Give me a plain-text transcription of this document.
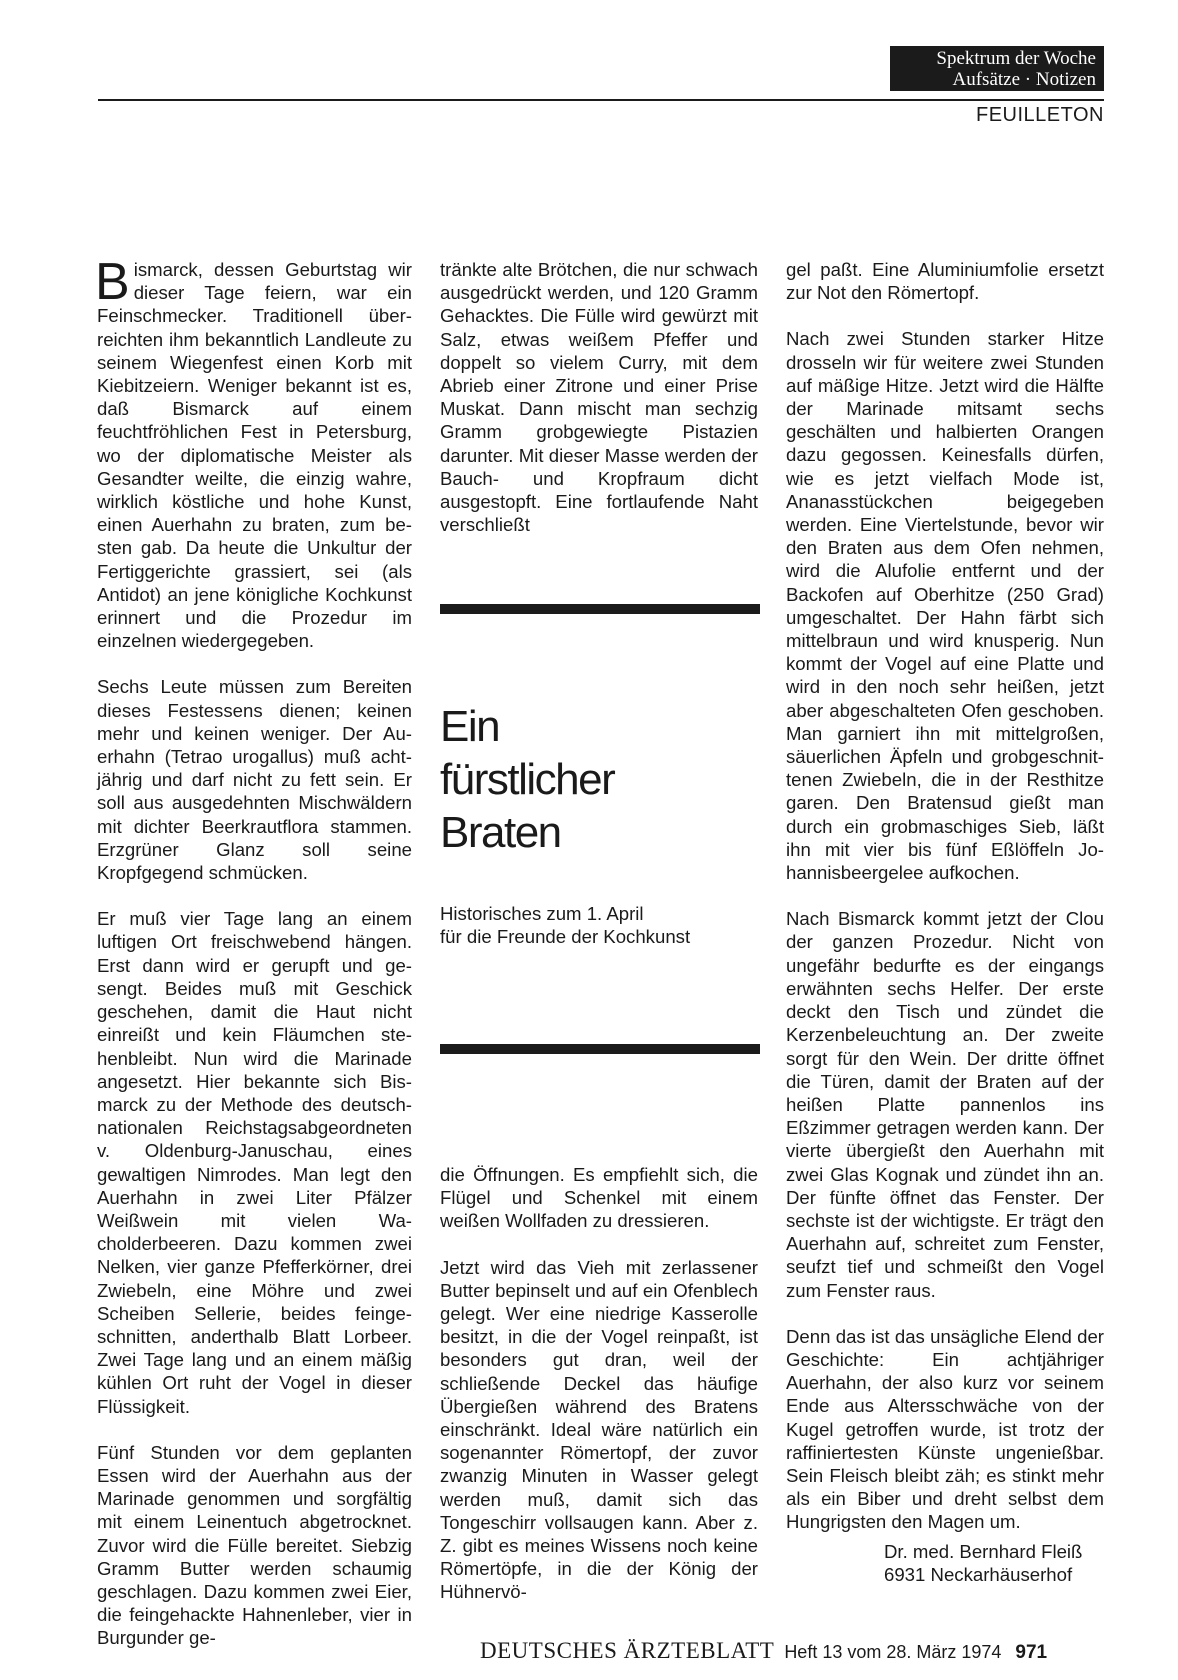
Spektrum der Woche
Aufsätze · Notizen
FEUILLETON

Bismarck, dessen Geburtstag wir dieser Tage feiern, war ein Feinschmecker. Traditionell überreichten ihm bekanntlich Landleute zu seinem Wiegenfest einen Korb mit Kiebitzeiern. Weniger bekannt ist es, daß Bismarck auf einem feuchtfröhlichen Fest in Petersburg, wo der diplomatische Meister als Gesandter weilte, die einzig wahre, wirklich köstliche und hohe Kunst, einen Auerhahn zu braten, zum besten gab. Da heute die Unkultur der Fertiggerichte grassiert, sei (als Antidot) an jene königliche Kochkunst erinnert und die Prozedur im einzelnen wiedergegeben.

Sechs Leute müssen zum Bereiten dieses Festessens dienen; keinen mehr und keinen weniger. Der Auerhahn (Tetrao urogallus) muß achtjährig und darf nicht zu fett sein. Er soll aus ausgedehnten Mischwäldern mit dichter Beerkrautflora stammen. Erzgrüner Glanz soll seine Kropfgegend schmücken.

Er muß vier Tage lang an einem luftigen Ort freischwebend hängen. Erst dann wird er gerupft und gesengt. Beides muß mit Geschick geschehen, damit die Haut nicht einreißt und kein Fläumchen stehenbleibt. Nun wird die Marinade angesetzt. Hier bekannte sich Bismarck zu der Methode des deutsch-nationalen Reichstagsabgeordneten v. Oldenburg-Januschau, eines gewaltigen Nimrodes. Man legt den Auerhahn in zwei Liter Pfälzer Weißwein mit vielen Wacholderbeeren. Dazu kommen zwei Nelken, vier ganze Pfefferkörner, drei Zwiebeln, eine Möhre und zwei Scheiben Sellerie, beides feingeschnitten, anderthalb Blatt Lorbeer. Zwei Tage lang und an einem mäßig kühlen Ort ruht der Vogel in dieser Flüssigkeit.

Fünf Stunden vor dem geplanten Essen wird der Auerhahn aus der Marinade genommen und sorgfältig mit einem Leinentuch abgetrocknet. Zuvor wird die Fülle bereitet. Siebzig Gramm Butter werden schaumig geschlagen. Dazu kommen zwei Eier, die feingehackte Hahnenleber, vier in Burgunder ge-

tränkte alte Brötchen, die nur schwach ausgedrückt werden, und 120 Gramm Gehacktes. Die Fülle wird gewürzt mit Salz, etwas weißem Pfeffer und doppelt so vielem Curry, mit dem Abrieb einer Zitrone und einer Prise Muskat. Dann mischt man sechzig Gramm grobgewiegte Pistazien darunter. Mit dieser Masse werden der Bauch- und Kropfraum dicht ausgestopft. Eine fortlaufende Naht verschließt

Ein
fürstlicher
Braten
Historisches zum 1. April
für die Freunde der Kochkunst

die Öffnungen. Es empfiehlt sich, die Flügel und Schenkel mit einem weißen Wollfaden zu dressieren.

Jetzt wird das Vieh mit zerlassener Butter bepinselt und auf ein Ofenblech gelegt. Wer eine niedrige Kasserolle besitzt, in die der Vogel reinpaßt, ist besonders gut dran, weil der schließende Deckel das häufige Übergießen während des Bratens einschränkt. Ideal wäre natürlich ein sogenannter Römertopf, der zuvor zwanzig Minuten in Wasser gelegt werden muß, damit sich das Tongeschirr vollsaugen kann. Aber z. Z. gibt es meines Wissens noch keine Römertöpfe, in die der König der Hühnervö-

gel paßt. Eine Aluminiumfolie ersetzt zur Not den Römertopf.

Nach zwei Stunden starker Hitze drosseln wir für weitere zwei Stunden auf mäßige Hitze. Jetzt wird die Hälfte der Marinade mitsamt sechs geschälten und halbierten Orangen dazu gegossen. Keinesfalls dürfen, wie es jetzt vielfach Mode ist, Ananasstückchen beigegeben werden. Eine Viertelstunde, bevor wir den Braten aus dem Ofen nehmen, wird die Alufolie entfernt und der Backofen auf Oberhitze (250 Grad) umgeschaltet. Der Hahn färbt sich mittelbraun und wird knusperig. Nun kommt der Vogel auf eine Platte und wird in den noch sehr heißen, jetzt aber abgeschalteten Ofen geschoben. Man garniert ihn mit mittelgroßen, säuerlichen Äpfeln und grobgeschnittenen Zwiebeln, die in der Resthitze garen. Den Bratensud gießt man durch ein grobmaschiges Sieb, läßt ihn mit vier bis fünf Eßlöffeln Johannisbeergelee aufkochen.

Nach Bismarck kommt jetzt der Clou der ganzen Prozedur. Nicht von ungefähr bedurfte es der eingangs erwähnten sechs Helfer. Der erste deckt den Tisch und zündet die Kerzenbeleuchtung an. Der zweite sorgt für den Wein. Der dritte öffnet die Türen, damit der Braten auf der heißen Platte pannenlos ins Eßzimmer getragen werden kann. Der vierte übergießt den Auerhahn mit zwei Glas Kognak und zündet ihn an. Der fünfte öffnet das Fenster. Der sechste ist der wichtigste. Er trägt den Auerhahn auf, schreitet zum Fenster, seufzt tief und schmeißt den Vogel zum Fenster raus.

Denn das ist das unsägliche Elend der Geschichte: Ein achtjähriger Auerhahn, der also kurz vor seinem Ende aus Altersschwäche von der Kugel getroffen wurde, ist trotz der raffiniertesten Künste ungenießbar. Sein Fleisch bleibt zäh; es stinkt mehr als ein Biber und dreht selbst dem Hungrigsten den Magen um.

Dr. med. Bernhard Fleiß
6931 Neckarhäuserhof
DEUTSCHES ÄRZTEBLATT Heft 13 vom 28. März 1974 971
